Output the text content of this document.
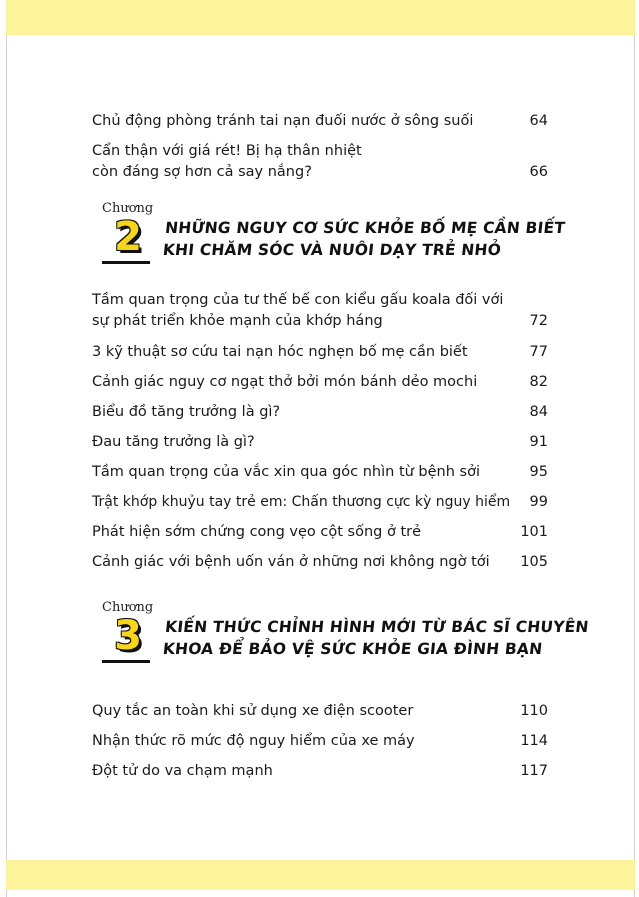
Chủ động phòng tránh tai nạn đuối nước ở sông suối	64
Cẩn thận với giá rét! Bị hạ thân nhiệt
còn đáng sợ hơn cả say nắng?	66
Chương
2	NHỮNG NGUY CƠ SỨC KHỎE BỐ MẸ CẦN BIẾT
KHI CHĂM SÓC VÀ NUÔI DẠY TRẺ NHỎ
Tầm quan trọng của tư thế bế con kiểu gấu koala đối với
sự phát triển khỏe mạnh của khớp háng	72
3 kỹ thuật sơ cứu tai nạn hóc nghẹn bố mẹ cần biết	77
Cảnh giác nguy cơ ngạt thở bởi món bánh dẻo mochi	82
Biểu đồ tăng trưởng là gì?	84
Đau tăng trưởng là gì?	91
Tầm quan trọng của vắc xin qua góc nhìn từ bệnh sởi	95
Trật khớp khuỷu tay trẻ em: Chấn thương cực kỳ nguy hiểm 99
Phát hiện sớm chứng cong vẹo cột sống ở trẻ	101
Cảnh giác với bệnh uốn ván ở những nơi không ngờ tới	105
Chương
3	KIẾN THỨC CHỈNH HÌNH MỚI TỪ BÁC SĨ CHUYÊN
KHOA ĐỂ BẢO VỆ SỨC KHỎE GIA ĐÌNH BẠN
Quy tắc an toàn khi sử dụng xe điện scooter	110
Nhận thức rõ mức độ nguy hiểm của xe máy	114
Đột tử do va chạm mạnh	117
